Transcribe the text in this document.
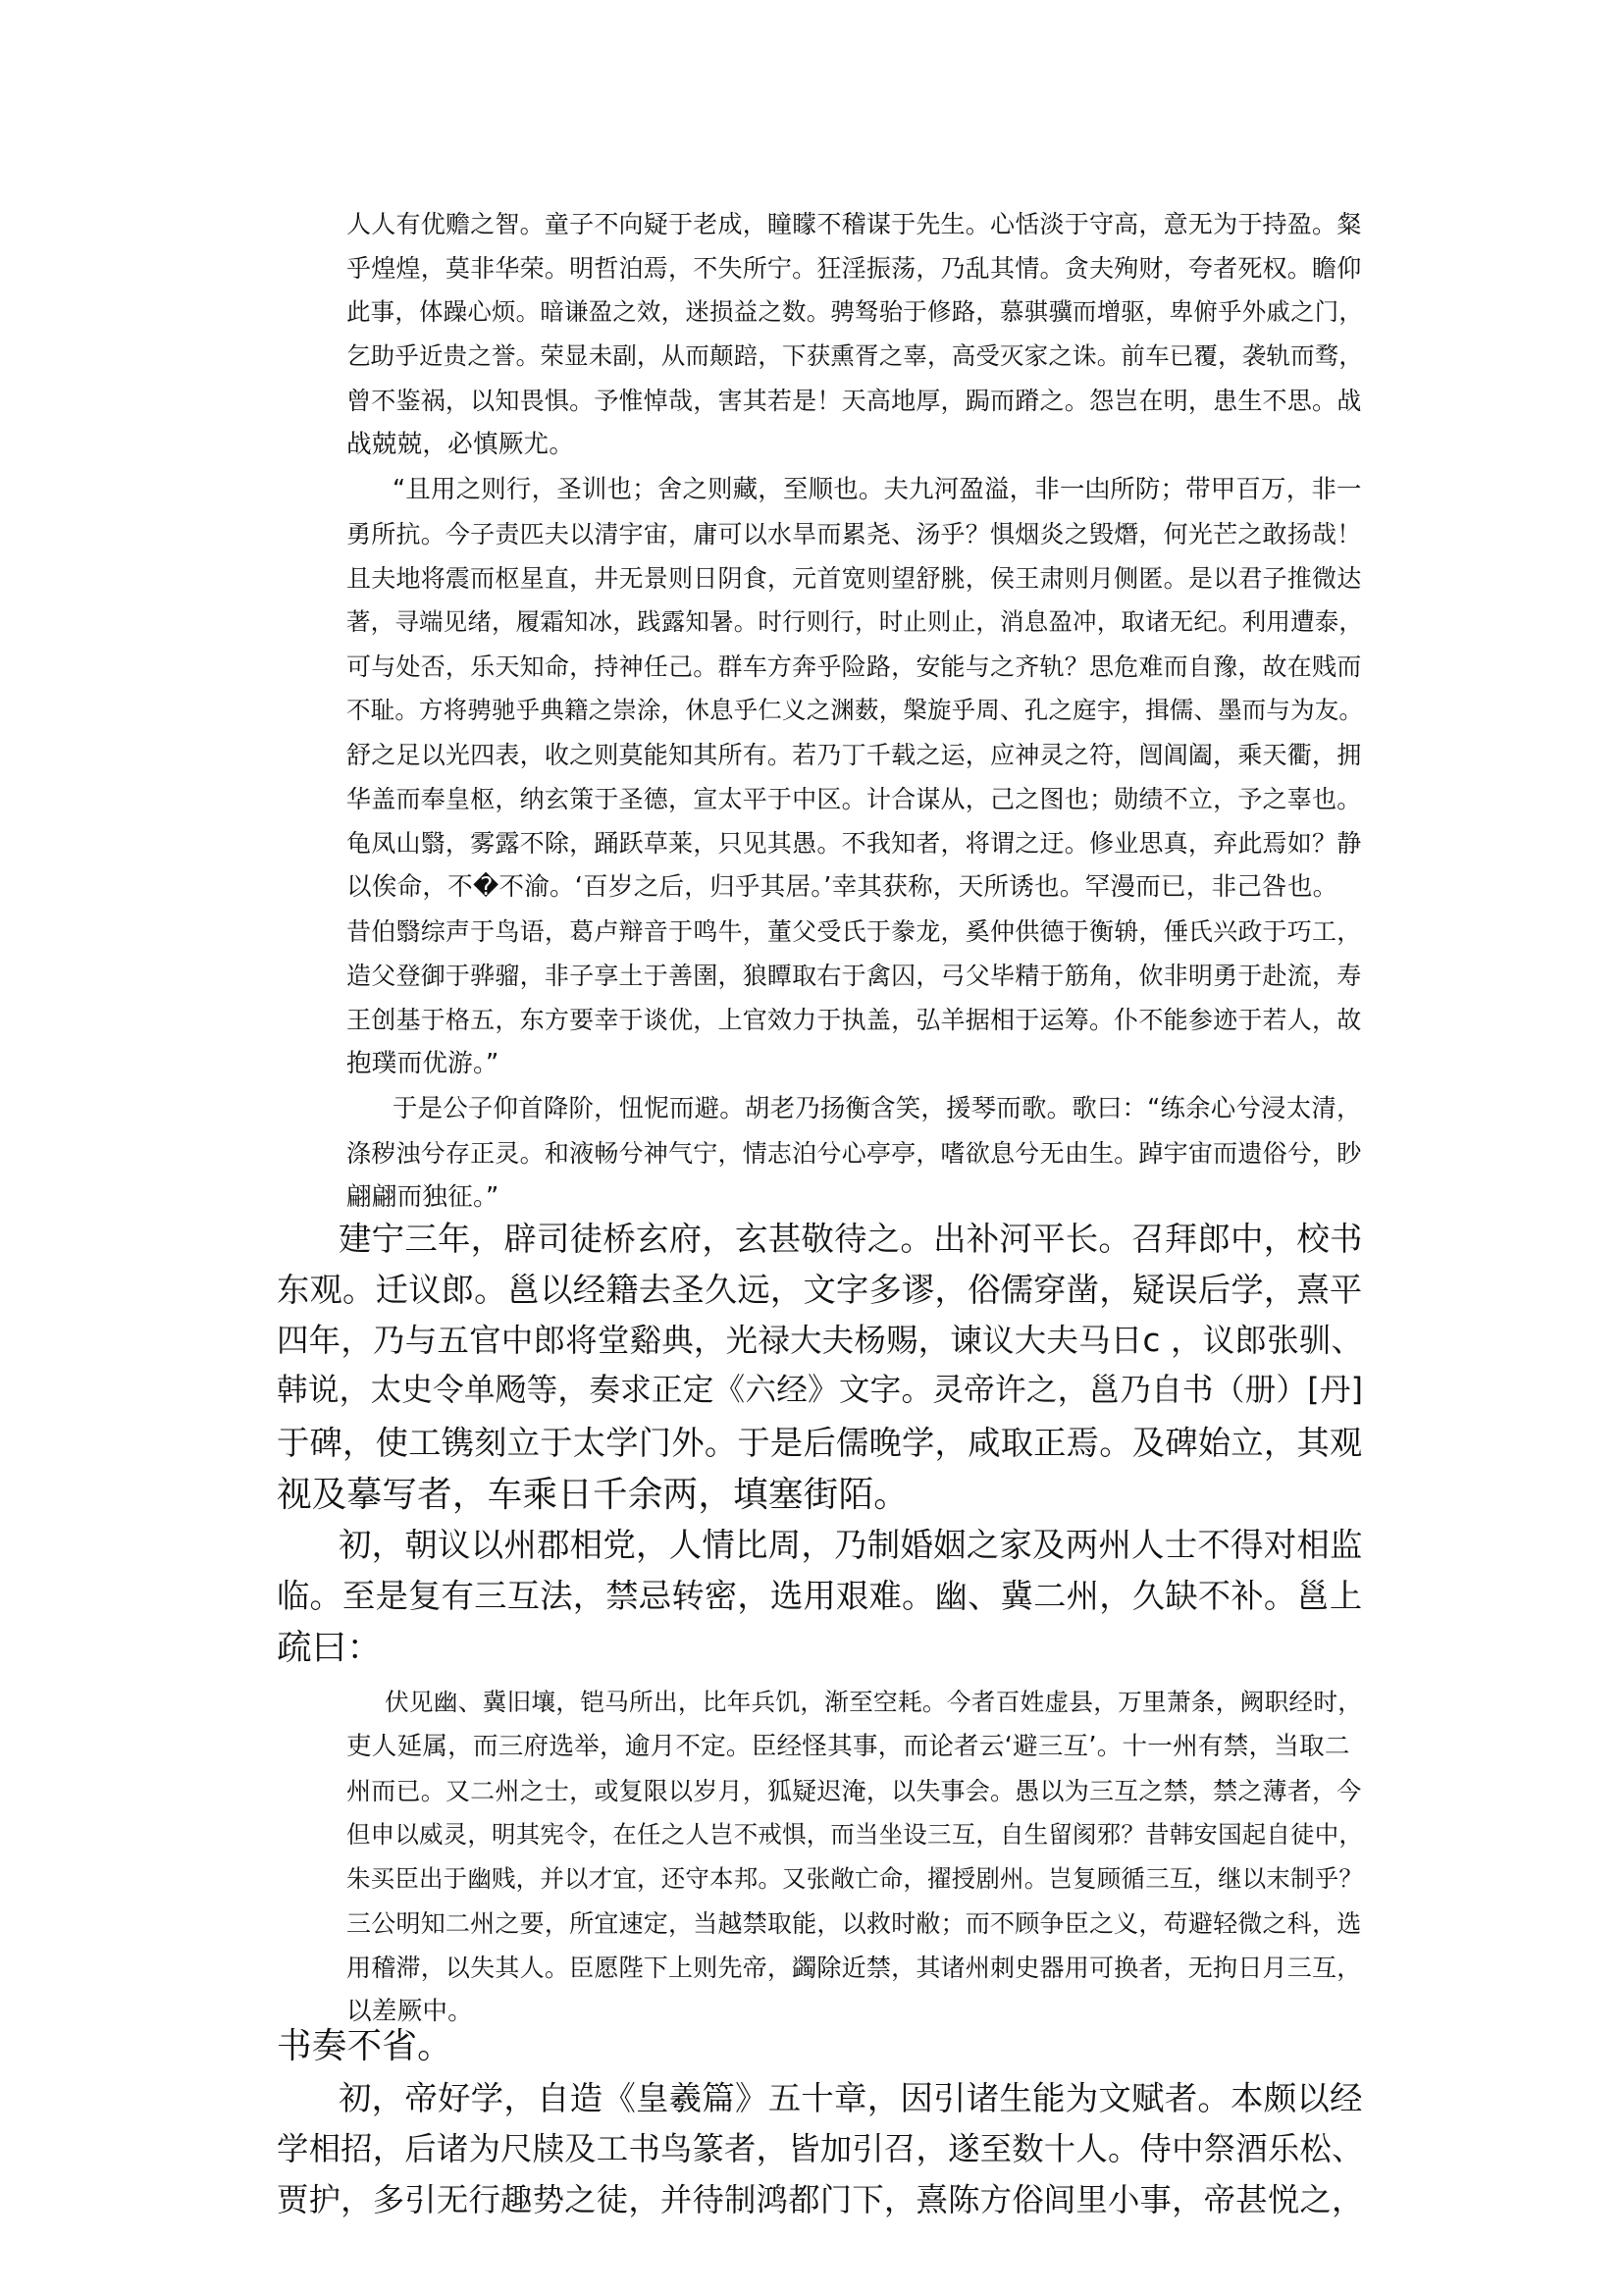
人人有优赡之智。童子不向疑于老成，瞳矇不稽谋于先生。心恬淡于守高，意无为于持盈。粲
乎煌煌，莫非华荣。明哲泊焉，不失所宁。狂淫振荡，乃乱其情。贪夫殉财，夸者死权。瞻仰
此事，体躁心烦。暗谦盈之效，迷损益之数。骋驽骀于修路，慕骐骥而增驱，卑俯乎外戚之门，
乞助乎近贵之誉。荣显未副，从而颠踣，下获熏胥之辜，高受灭家之诛。前车已覆，袭轨而骛，
曾不鉴祸，以知畏惧。予惟悼哉，害其若是！天高地厚，跼而蹐之。怨岂在明，患生不思。战
战兢兢，必慎厥尤。
“且用之则行，圣训也；舍之则藏，至顺也。夫九河盈溢，非一凷所防；带甲百万，非一
勇所抗。今子责匹夫以清宇宙，庸可以水旱而累尧、汤乎？惧烟炎之毁熸，何光芒之敢扬哉！
且夫地将震而枢星直，井无景则日阴食，元首宽则望舒脁，侯王肃则月侧匿。是以君子推微达
著，寻端见绪，履霜知冰，践露知暑。时行则行，时止则止，消息盈冲，取诸无纪。利用遭泰，
可与处否，乐天知命，持神任己。群车方奔乎险路，安能与之齐轨？思危难而自豫，故在贱而
不耻。方将骋驰乎典籍之崇涂，休息乎仁义之渊薮，槃旋乎周、孔之庭宇，揖儒、墨而与为友。
舒之足以光四表，收之则莫能知其所有。若乃丁千载之运，应神灵之符，闿阊阖，乘天衢，拥
华盖而奉皇枢，纳玄策于圣德，宣太平于中区。计合谋从，己之图也；勋绩不立，予之辜也。
龟凤山翳，雾露不除，踊跃草莱，只见其愚。不我知者，将谓之迂。修业思真，弃此焉如？静
以俟命，不�不渝。‘百岁之后，归乎其居。’幸其获称，天所诱也。罕漫而已，非己咎也。
昔伯翳综声于鸟语，葛卢辩音于鸣牛，董父受氏于豢龙，奚仲供德于衡辀，倕氏兴政于巧工，
造父登御于骅骝，非子享土于善圉，狼瞫取右于禽囚，弓父毕精于筋角，佽非明勇于赴流，寿
王创基于格五，东方要幸于谈优，上官效力于执盖，弘羊据相于运筹。仆不能参迹于若人，故
抱璞而优游。”
于是公子仰首降阶，忸怩而避。胡老乃扬衡含笑，援琴而歌。歌曰：“练余心兮浸太清，
涤秽浊兮存正灵。和液畅兮神气宁，情志泊兮心亭亭，嗜欲息兮无由生。踔宇宙而遗俗兮，眇
翩翩而独征。”
建宁三年，辟司徒桥玄府，玄甚敬待之。出补河平长。召拜郎中，校书
东观。迁议郎。邕以经籍去圣久远，文字多谬，俗儒穿凿，疑误后学，熹平
四年，乃与五官中郎将堂谿典，光禄大夫杨赐，谏议大夫马日c ，议郎张驯、
韩说，太史令单飏等，奏求正定《六经》文字。灵帝许之，邕乃自书（册）[丹]
于碑，使工镌刻立于太学门外。于是后儒晚学，咸取正焉。及碑始立，其观
视及摹写者，车乘日千余两，填塞街陌。
初，朝议以州郡相党，人情比周，乃制婚姻之家及两州人士不得对相监
临。至是复有三互法，禁忌转密，选用艰难。幽、冀二州，久缺不补。邕上
疏曰：
伏见幽、冀旧壤，铠马所出，比年兵饥，渐至空耗。今者百姓虚县，万里萧条，阙职经时，
吏人延属，而三府选举，逾月不定。臣经怪其事，而论者云‘避三互’。十一州有禁，当取二
州而已。又二州之士，或复限以岁月，狐疑迟淹，以失事会。愚以为三互之禁，禁之薄者，今
但申以威灵，明其宪令，在任之人岂不戒惧，而当坐设三互，自生留阂邪？昔韩安国起自徒中，
朱买臣出于幽贱，并以才宜，还守本邦。又张敞亡命，擢授剧州。岂复顾循三互，继以末制乎？
三公明知二州之要，所宜速定，当越禁取能，以救时敝；而不顾争臣之义，苟避轻微之科，选
用稽滞，以失其人。臣愿陛下上则先帝，蠲除近禁，其诸州刺史器用可换者，无拘日月三互，
以差厥中。
书奏不省。
初，帝好学，自造《皇羲篇》五十章，因引诸生能为文赋者。本颇以经
学相招，后诸为尺牍及工书鸟篆者，皆加引召，遂至数十人。侍中祭酒乐松、
贾护，多引无行趣势之徒，并待制鸿都门下，熹陈方俗闾里小事，帝甚悦之，
